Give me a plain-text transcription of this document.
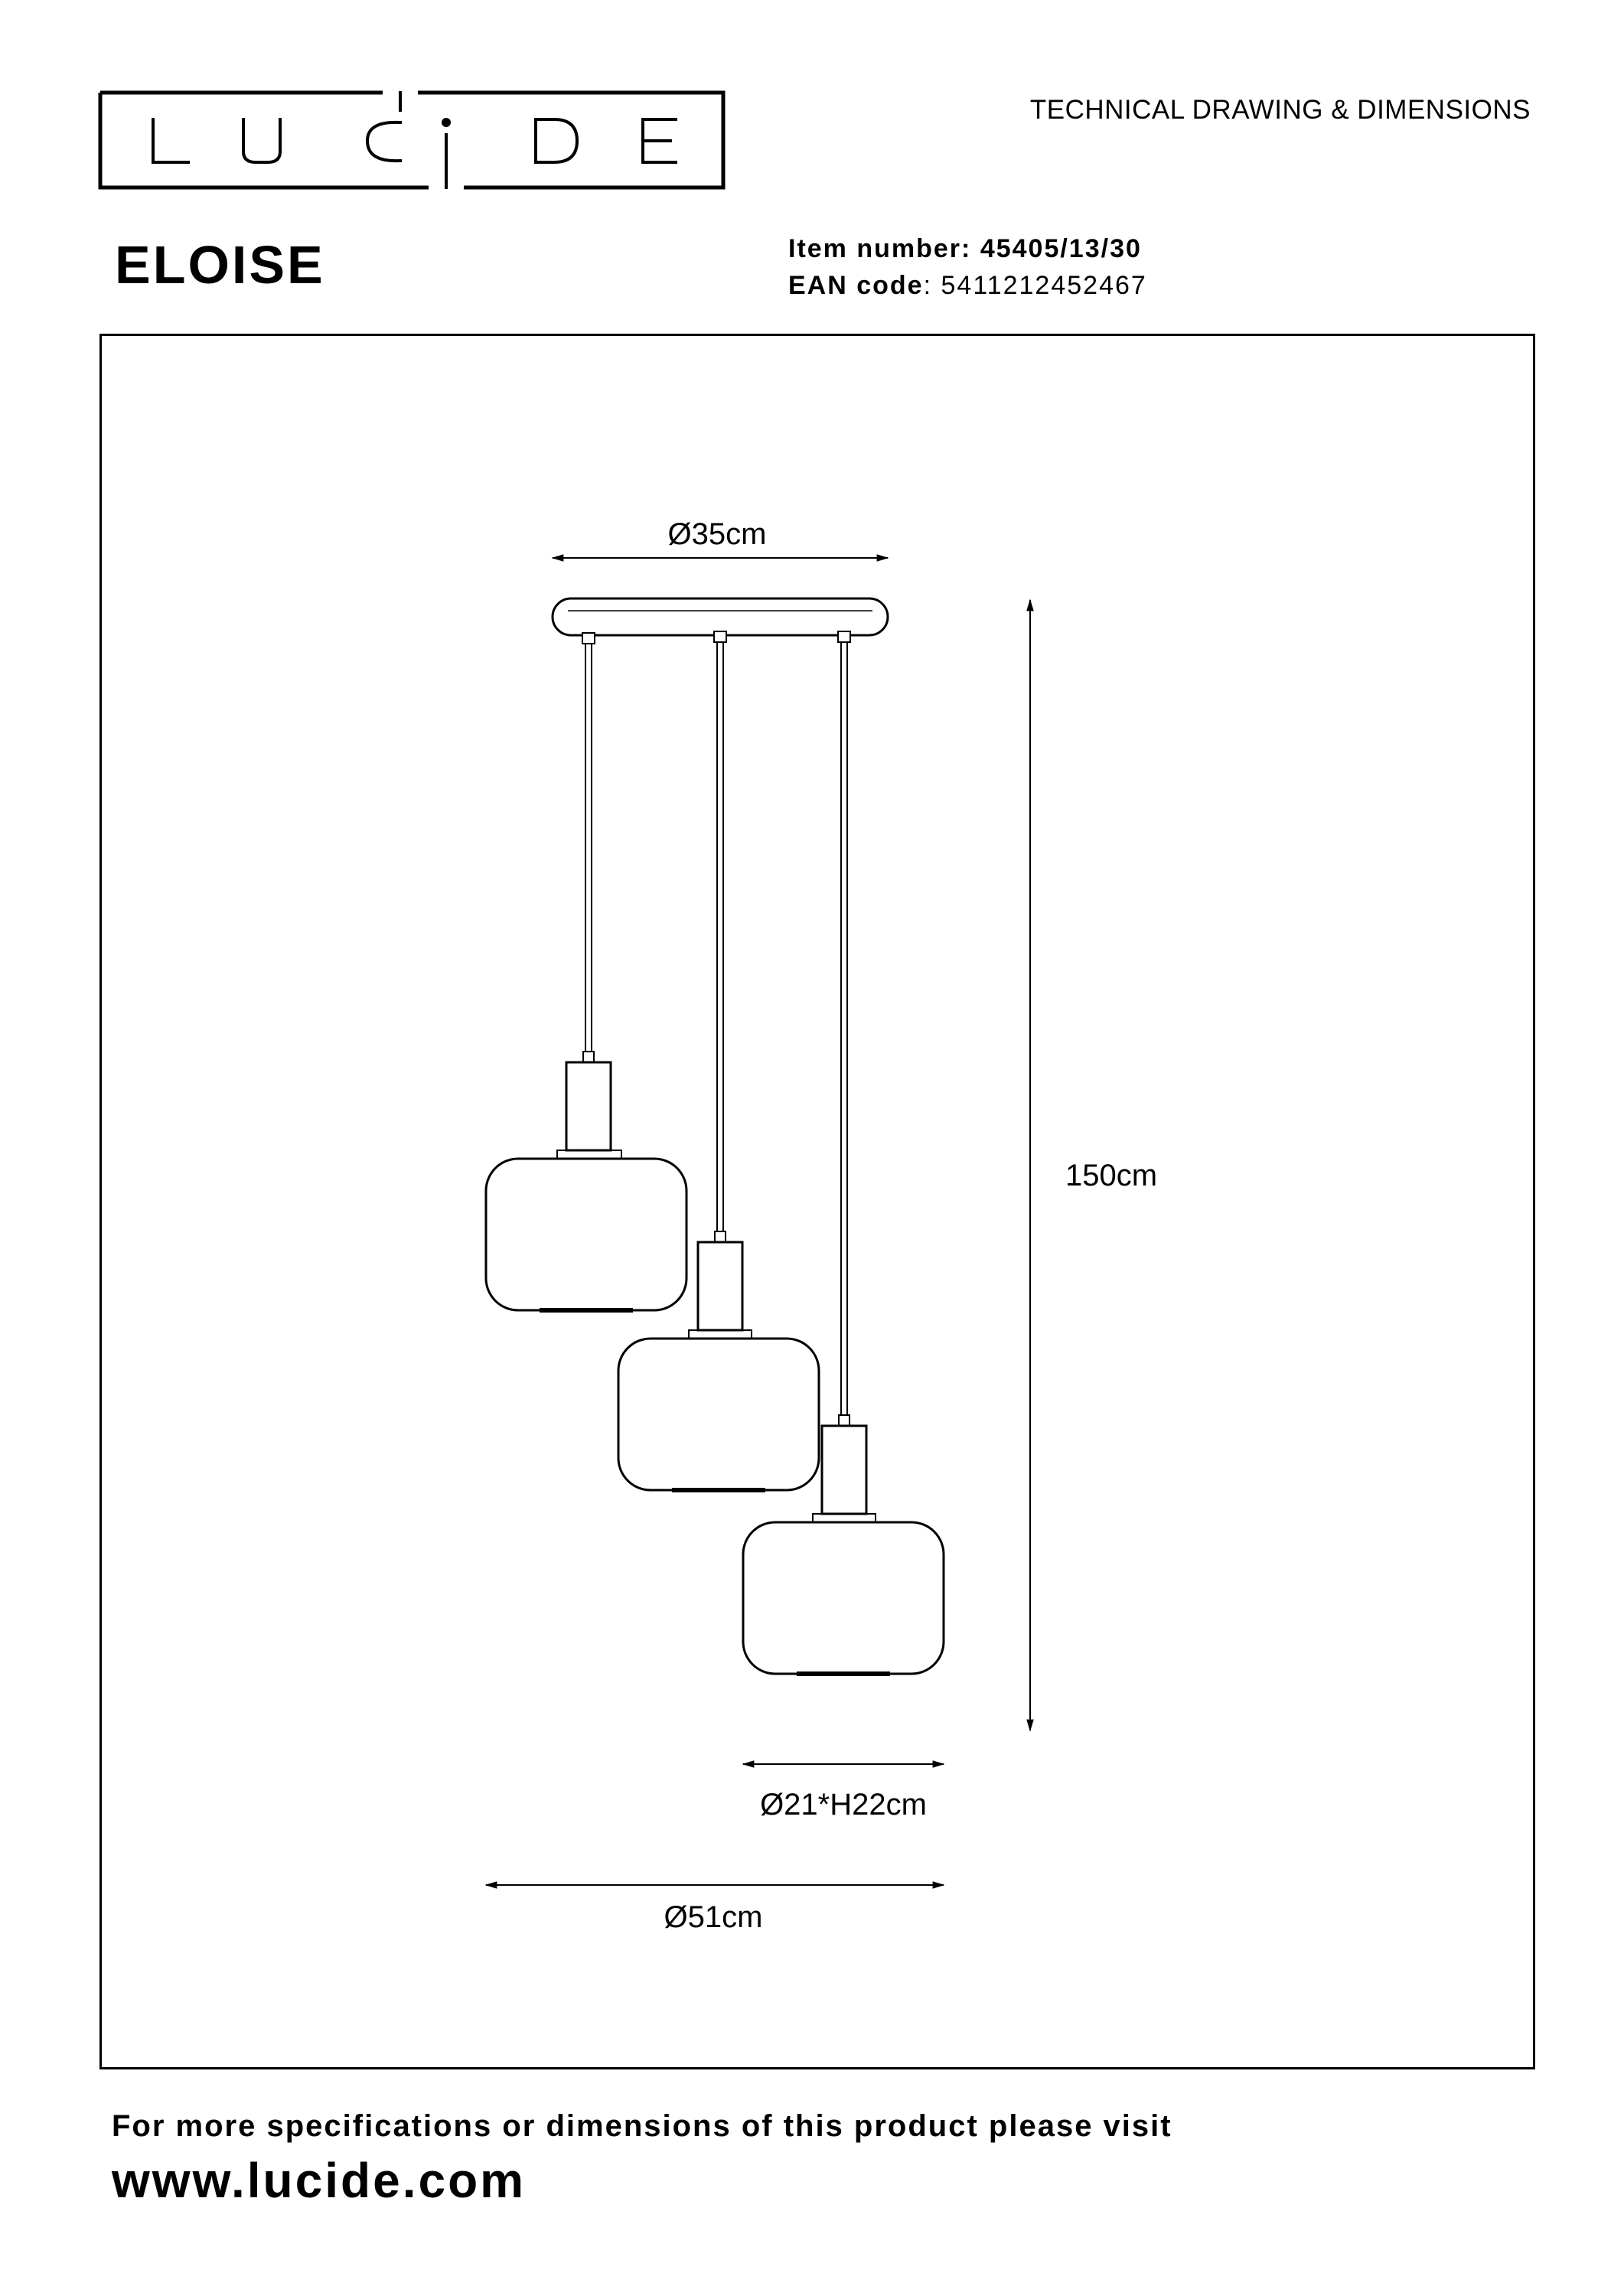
TECHNICAL DRAWING & DIMENSIONS
ELOISE	Item number: 45405/13/30
EAN code: 5411212452467
Ø35cm
150cm
Ø21*H22cm
Ø51cm
For more specifications or dimensions of this product please visit
www.lucide.com
